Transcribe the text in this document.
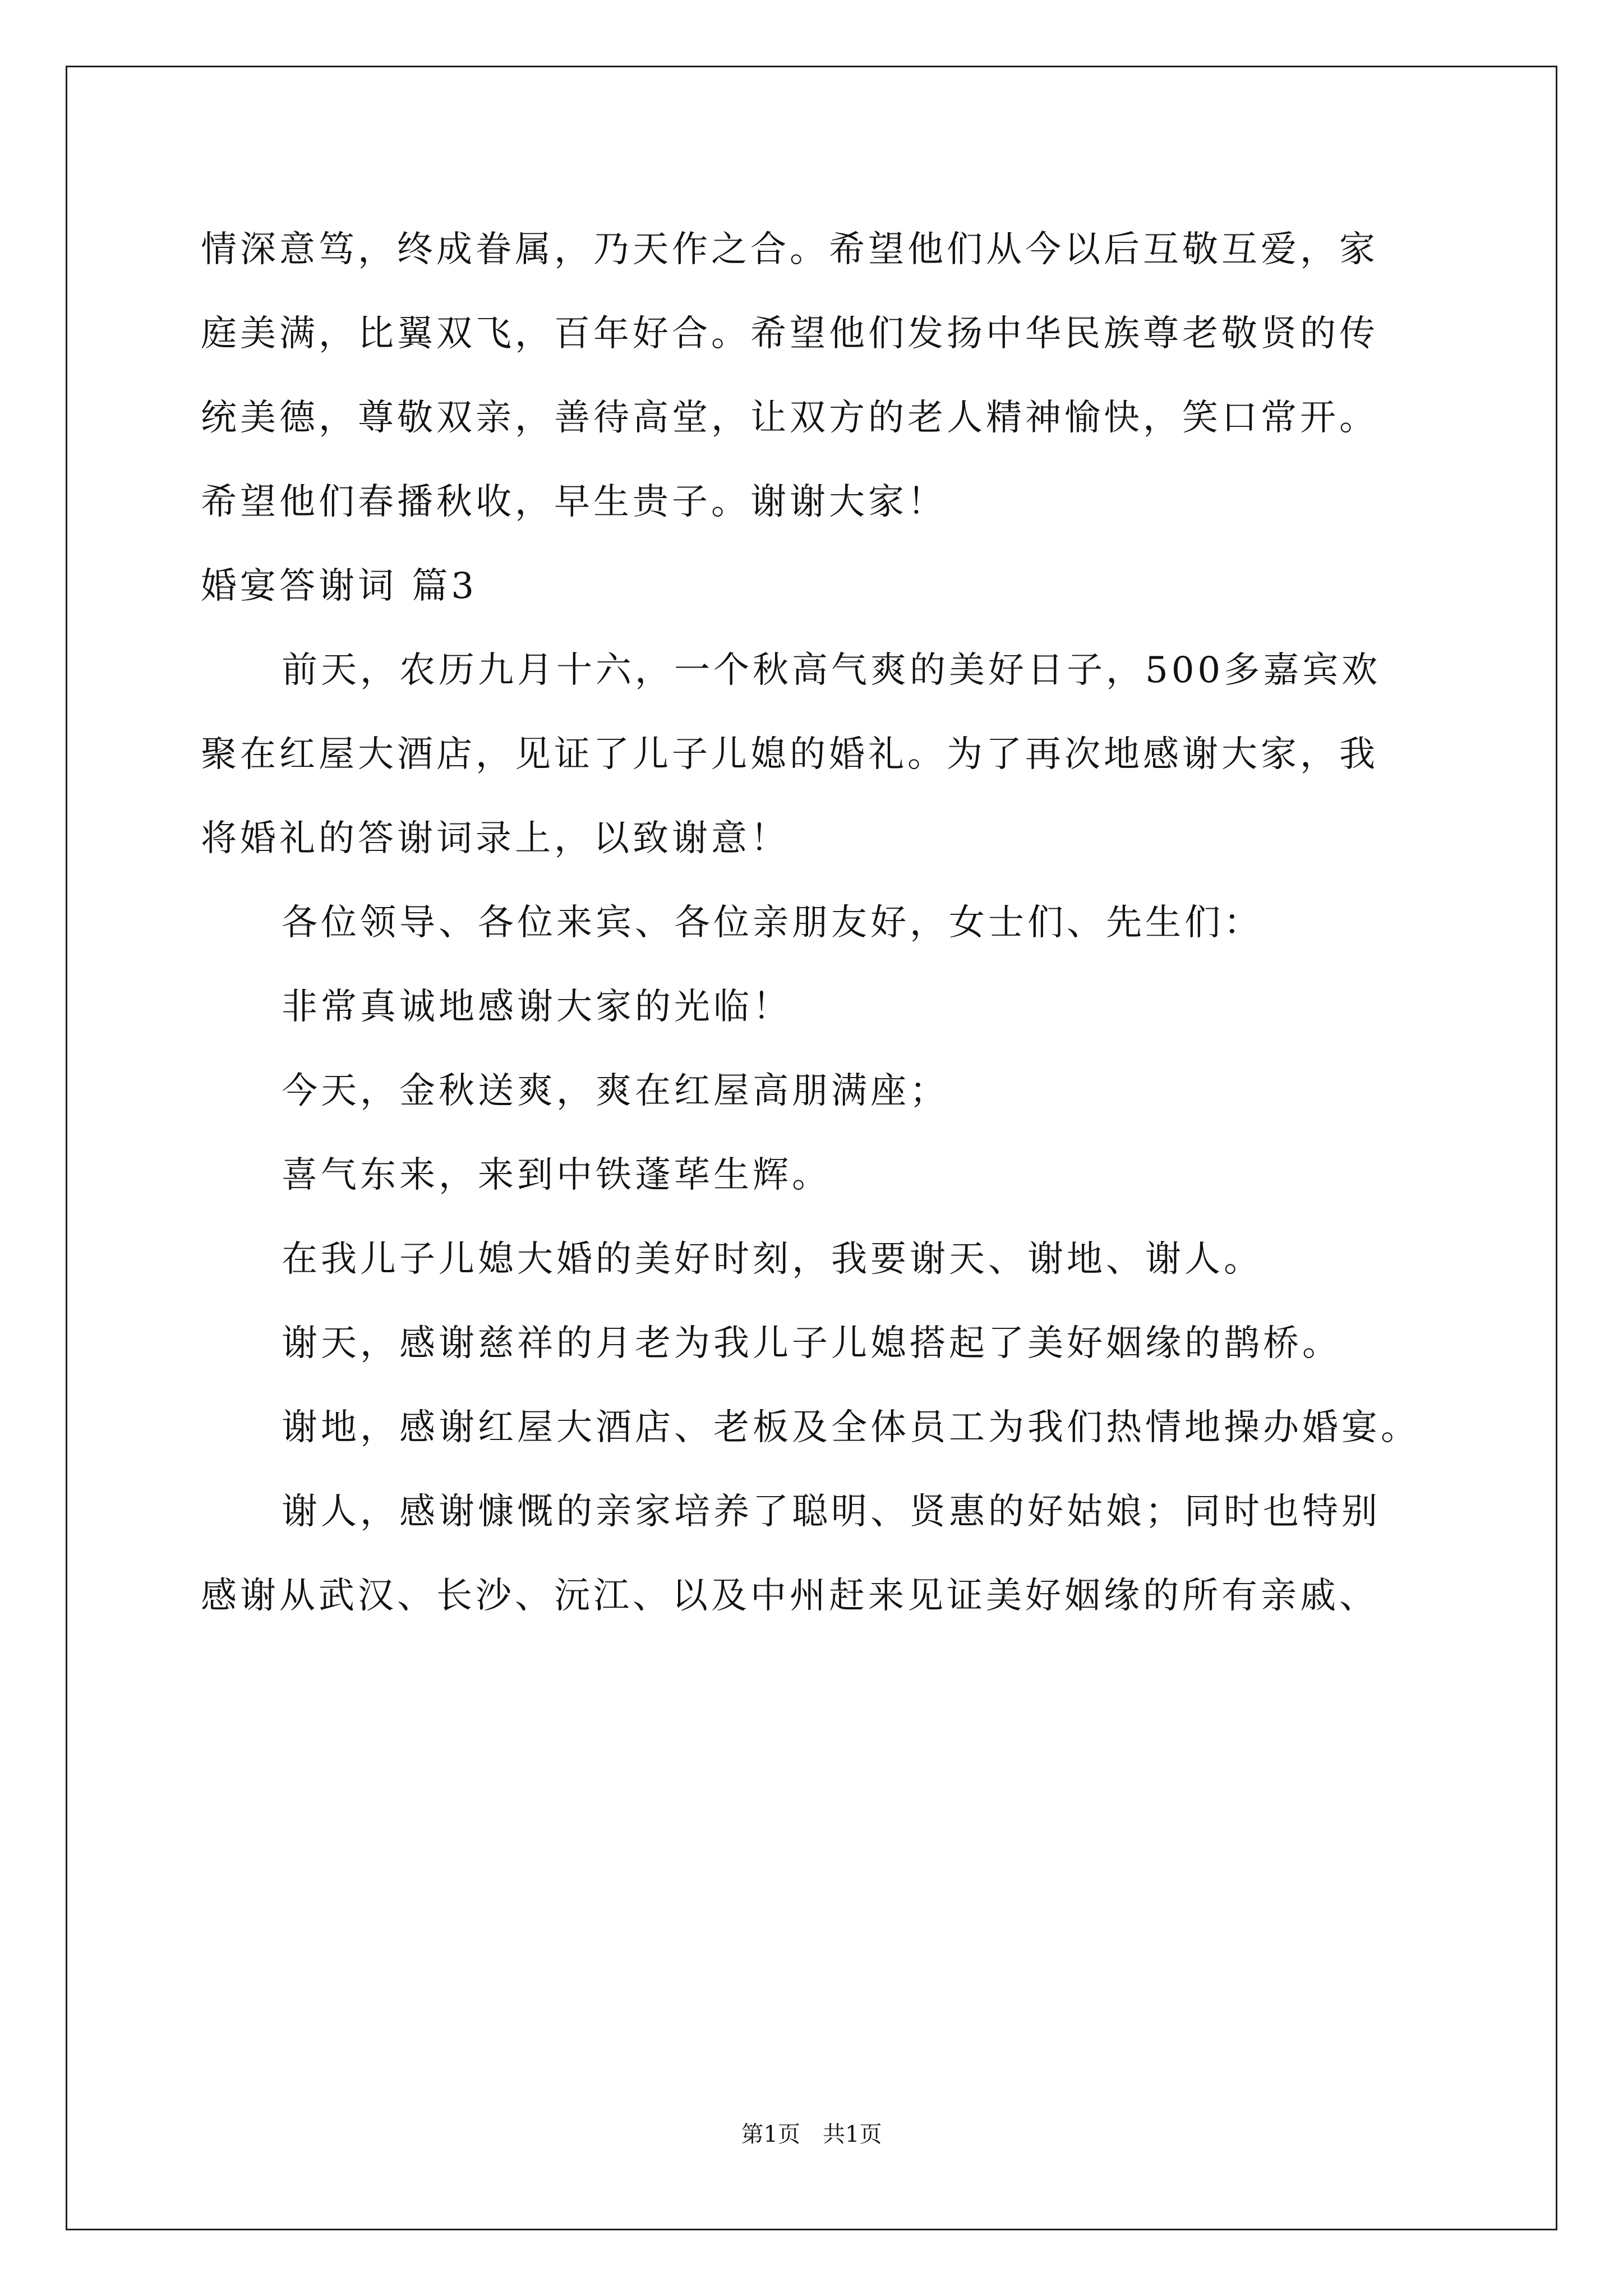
情深意笃，终成眷属，乃天作之合。希望他们从今以后互敬互爱，家
庭美满，比翼双飞，百年好合。希望他们发扬中华民族尊老敬贤的传
统美德，尊敬双亲，善待高堂，让双方的老人精神愉快，笑口常开。
希望他们春播秋收，早生贵子。谢谢大家！
婚宴答谢词 篇3
前天，农历九月十六，一个秋高气爽的美好日子，500多嘉宾欢
聚在红屋大酒店，见证了儿子儿媳的婚礼。为了再次地感谢大家，我
将婚礼的答谢词录上，以致谢意！
各位领导、各位来宾、各位亲朋友好，女士们、先生们：
非常真诚地感谢大家的光临！
今天，金秋送爽，爽在红屋高朋满座；
喜气东来，来到中铁蓬荜生辉。
在我儿子儿媳大婚的美好时刻，我要谢天、谢地、谢人。
谢天，感谢慈祥的月老为我儿子儿媳搭起了美好姻缘的鹊桥。
谢地，感谢红屋大酒店、老板及全体员工为我们热情地操办婚宴。
谢人，感谢慷慨的亲家培养了聪明、贤惠的好姑娘；同时也特别
感谢从武汉、长沙、沅江、以及中州赶来见证美好姻缘的所有亲戚、
第1页　共1页
